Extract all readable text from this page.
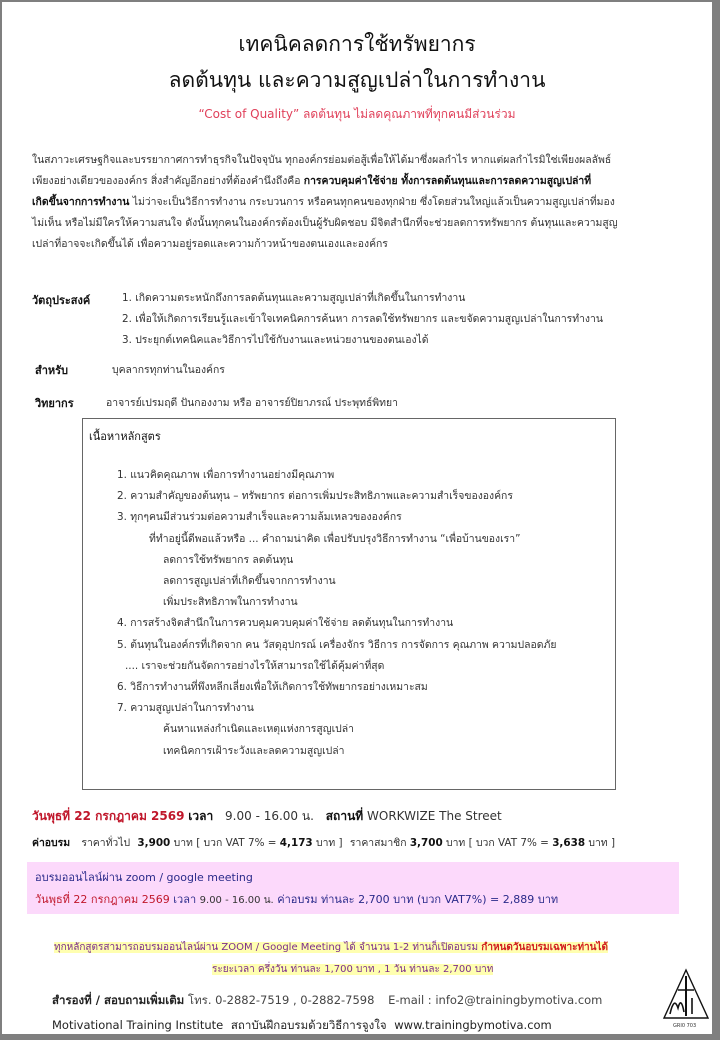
เทคนิคลดการใช้ทรัพยากร
ลดต้นทุน และความสูญเปล่าในการทำงาน
“Cost of Quality” ลดต้นทุน ไม่ลดคุณภาพที่ทุกคนมีส่วนร่วม

ในสภาวะเศรษฐกิจและบรรยากาศการทำธุรกิจในปัจจุบัน ทุกองค์กรย่อมต่อสู้เพื่อให้ได้มาซึ่งผลกำไร หากแต่ผลกำไรมิใช่เพียงผลลัพธ์

เพียงอย่างเดียวขององค์กร สิ่งสำคัญอีกอย่างที่ต้องคำนึงถึงคือ การควบคุมค่าใช้จ่าย ทั้งการลดต้นทุนและการลดความสูญเปล่าที่

เกิดขึ้นจากการทำงาน ไม่ว่าจะเป็นวิธีการทำงาน กระบวนการ หรือคนทุกคนของทุกฝ่าย ซึ่งโดยส่วนใหญ่แล้วเป็นความสูญเปล่าที่มอง

ไม่เห็น หรือไม่มีใครให้ความสนใจ ดังนั้นทุกคนในองค์กรต้องเป็นผู้รับผิดชอบ มีจิตสำนึกที่จะช่วยลดการทรัพยากร ต้นทุนและความสูญ

เปล่าที่อาจจะเกิดขึ้นได้ เพื่อความอยู่รอดและความก้าวหน้าของตนเองและองค์กร

วัตถุประสงค์	1. เกิดความตระหนักถึงการลดต้นทุนและความสูญเปล่าที่เกิดขึ้นในการทำงาน
2. เพื่อให้เกิดการเรียนรู้และเข้าใจเทคนิคการค้นหา การลดใช้ทรัพยากร และขจัดความสูญเปล่าในการทำงาน
3. ประยุกต์เทคนิคและวิธีการไปใช้กับงานและหน่วยงานของตนเองได้
สำหรับ	บุคลากรทุกท่านในองค์กร
วิทยากร	อาจารย์เปรมฤดี ปันกองงาม หรือ อาจารย์ปิยาภรณ์ ประพุทธ์พิทยา
เนื้อหาหลักสูตร
1. แนวคิดคุณภาพ เพื่อการทำงานอย่างมีคุณภาพ
2. ความสำคัญของต้นทุน – ทรัพยากร ต่อการเพิ่มประสิทธิภาพและความสำเร็จขององค์กร
3. ทุกๆคนมีส่วนร่วมต่อความสำเร็จและความล้มเหลวขององค์กร
ที่ทำอยู่นี้ดีพอแล้วหรือ ... คำถามน่าคิด เพื่อปรับปรุงวิธีการทำงาน “เพื่อบ้านของเรา”
ลดการใช้ทรัพยากร ลดต้นทุน
ลดการสูญเปล่าที่เกิดขึ้นจากการทำงาน
เพิ่มประสิทธิภาพในการทำงาน
4. การสร้างจิตสำนึกในการควบคุมควบคุมค่าใช้จ่าย ลดต้นทุนในการทำงาน
5. ต้นทุนในองค์กรที่เกิดจาก คน วัสดุอุปกรณ์ เครื่องจักร วิธีการ การจัดการ คุณภาพ ความปลอดภัย
.... เราจะช่วยกันจัดการอย่างไรให้สามารถใช้ได้คุ้มค่าที่สุด
6. วิธีการทำงานที่พึงหลีกเลี่ยงเพื่อให้เกิดการใช้ทัพยากรอย่างเหมาะสม
7. ความสูญเปล่าในการทำงาน
ค้นหาแหล่งกำเนิดและเหตุแห่งการสูญเปล่า
เทคนิคการเฝ้าระวังและลดความสูญเปล่า
วันพุธที่ 22 กรกฎาคม 2569 เวลา 9.00 - 16.00 น. สถานที่ WORKWIZE The Street
ค่าอบรม ราคาทั่วไป 3,900 บาท [ บวก VAT 7% = 4,173 บาท ] ราคาสมาชิก 3,700 บาท [ บวก VAT 7% = 3,638 บาท ]
อบรมออนไลน์ผ่าน zoom / google meeting
วันพุธที่ 22 กรกฎาคม 2569 เวลา 9.00 - 16.00 น. ค่าอบรม ท่านละ 2,700 บาท (บวก VAT7%) = 2,889 บาท
ทุกหลักสูตรสามารถอบรมออนไลน์ผ่าน ZOOM / Google Meeting ได้ จำนวน 1-2 ท่านก็เปิดอบรม กำหนดวันอบรมเฉพาะท่านได้
ระยะเวลา ครึ่งวัน ท่านละ 1,700 บาท , 1 วัน ท่านละ 2,700 บาท
สำรองที่ / สอบถามเพิ่มเติม โทร. 0-2882-7519 , 0-2882-7598 E-mail : info2@trainingbymotiva.com
Motivational Training Institute สถาบันฝึกอบรมด้วยวิธีการจูงใจ www.trainingbymotiva.com	GRI0 703
